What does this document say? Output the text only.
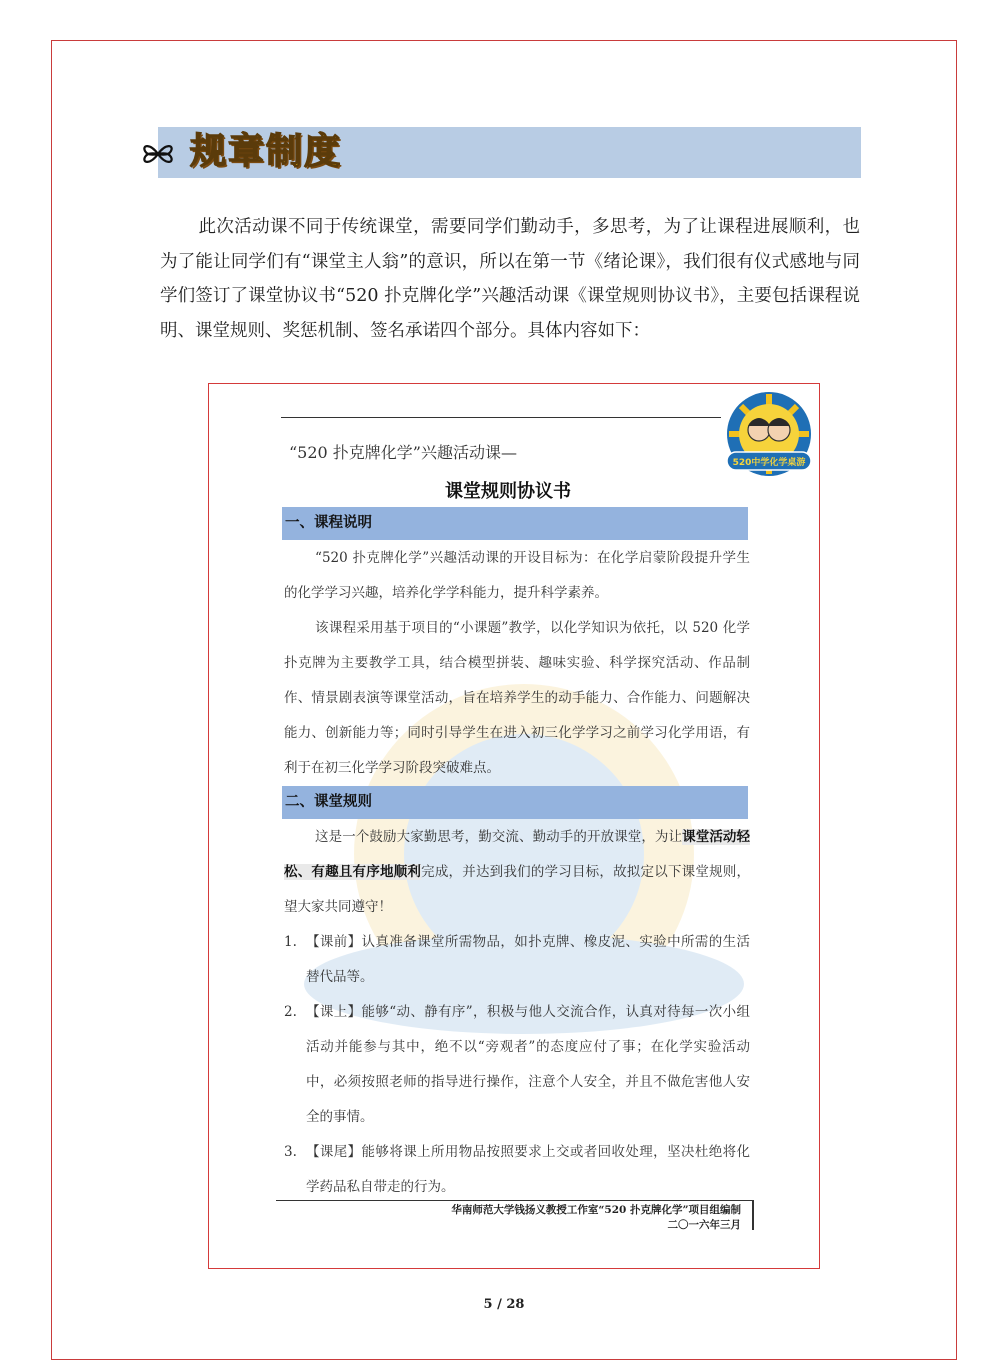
规章制度

此次活动课不同于传统课堂，需要同学们勤动手，多思考，为了让课程进展顺利，也为了能让同学们有“课堂主人翁”的意识，所以在第一节《绪论课》，我们很有仪式感地与同学们签订了课堂协议书“520 扑克牌化学”兴趣活动课《课堂规则协议书》，主要包括课程说明、课堂规则、奖惩机制、签名承诺四个部分。具体内容如下：

520中学化学桌游
“520 扑克牌化学”兴趣活动课—
课堂规则协议书
一、课程说明

“520 扑克牌化学”兴趣活动课的开设目标为：在化学启蒙阶段提升学生的化学学习兴趣，培养化学学科能力，提升科学素养。

该课程采用基于项目的“小课题”教学，以化学知识为依托，以 520 化学扑克牌为主要教学工具，结合模型拼装、趣味实验、科学探究活动、作品制作、情景剧表演等课堂活动，旨在培养学生的动手能力、合作能力、问题解决能力、创新能力等；同时引导学生在进入初三化学学习之前学习化学用语，有利于在初三化学学习阶段突破难点。

二、课堂规则

这是一个鼓励大家勤思考，勤交流、勤动手的开放课堂，为让课堂活动轻松、有趣且有序地顺利完成，并达到我们的学习目标，故拟定以下课堂规则，望大家共同遵守！

1. 【课前】认真准备课堂所需物品，如扑克牌、橡皮泥、实验中所需的生活替代品等。
2. 【课上】能够“动、静有序”，积极与他人交流合作，认真对待每一次小组活动并能参与其中，绝不以“旁观者”的态度应付了事；在化学实验活动中，必须按照老师的指导进行操作，注意个人安全，并且不做危害他人安全的事情。
3. 【课尾】能够将课上所用物品按照要求上交或者回收处理，坚决杜绝将化学药品私自带走的行为。
华南师范大学钱扬义教授工作室“520 扑克牌化学”项目组编制
二〇一六年三月
5 / 28
